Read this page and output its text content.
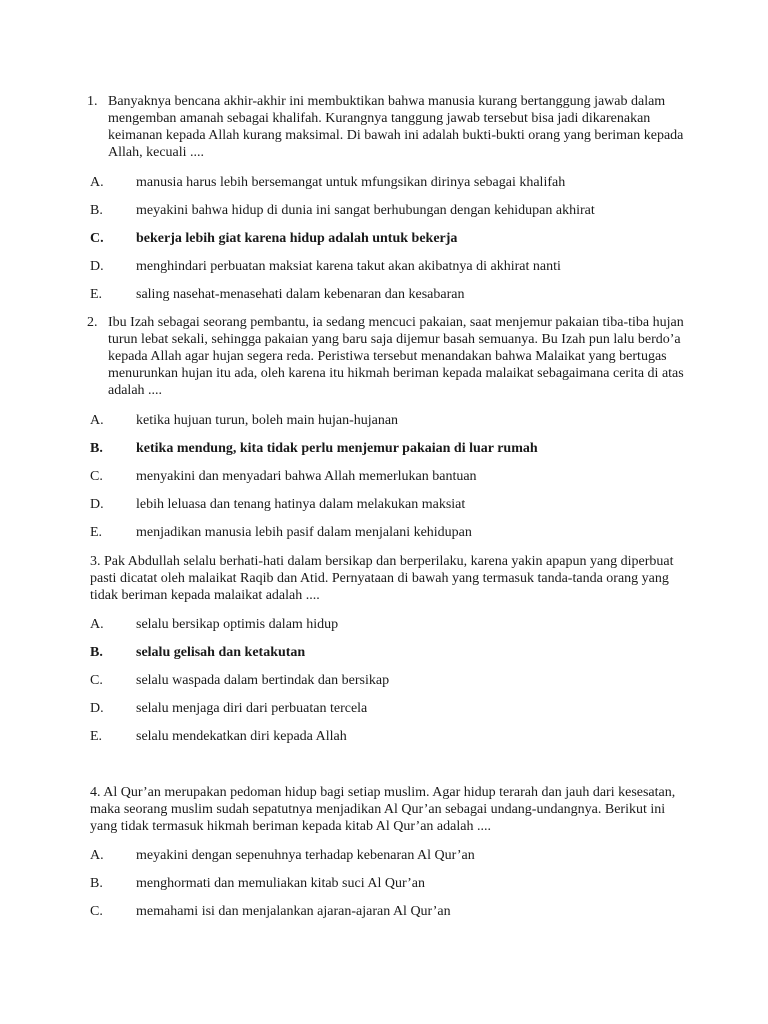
1. Banyaknya bencana akhir-akhir ini membuktikan bahwa manusia kurang bertanggung jawab dalam
mengemban amanah sebagai khalifah. Kurangnya tanggung jawab tersebut bisa jadi dikarenakan
keimanan kepada Allah kurang maksimal. Di bawah ini adalah bukti-bukti orang yang beriman kepada
Allah, kecuali ....
A. manusia harus lebih bersemangat untuk mfungsikan dirinya sebagai khalifah
B. meyakini bahwa hidup di dunia ini sangat berhubungan dengan kehidupan akhirat
C. bekerja lebih giat karena hidup adalah untuk bekerja
D. menghindari perbuatan maksiat karena takut akan akibatnya di akhirat nanti
E. saling nasehat-menasehati dalam kebenaran dan kesabaran
2. Ibu Izah sebagai seorang pembantu, ia sedang mencuci pakaian, saat menjemur pakaian tiba-tiba hujan
turun lebat sekali, sehingga pakaian yang baru saja dijemur basah semuanya. Bu Izah pun lalu berdo’a
kepada Allah agar hujan segera reda. Peristiwa tersebut menandakan bahwa Malaikat yang bertugas
menurunkan hujan itu ada, oleh karena itu hikmah beriman kepada malaikat sebagaimana cerita di atas
adalah ....
A. ketika hujuan turun, boleh main hujan-hujanan
B. ketika mendung, kita tidak perlu menjemur pakaian di luar rumah
C. menyakini dan menyadari bahwa Allah memerlukan bantuan
D. lebih leluasa dan tenang hatinya dalam melakukan maksiat
E. menjadikan manusia lebih pasif dalam menjalani kehidupan
3. Pak Abdullah selalu berhati-hati dalam bersikap dan berperilaku, karena yakin apapun yang diperbuat
pasti dicatat oleh malaikat Raqib dan Atid. Pernyataan di bawah yang termasuk tanda-tanda orang yang
tidak beriman kepada malaikat adalah ....
A. selalu bersikap optimis dalam hidup
B. selalu gelisah dan ketakutan
C. selalu waspada dalam bertindak dan bersikap
D. selalu menjaga diri dari perbuatan tercela
E. selalu mendekatkan diri kepada Allah
4. Al Qur’an merupakan pedoman hidup bagi setiap muslim. Agar hidup terarah dan jauh dari kesesatan,
maka seorang muslim sudah sepatutnya menjadikan Al Qur’an sebagai undang-undangnya. Berikut ini
yang tidak termasuk hikmah beriman kepada kitab Al Qur’an adalah ....
A. meyakini dengan sepenuhnya terhadap kebenaran Al Qur’an
B. menghormati dan memuliakan kitab suci Al Qur’an
C. memahami isi dan menjalankan ajaran-ajaran Al Qur’an
